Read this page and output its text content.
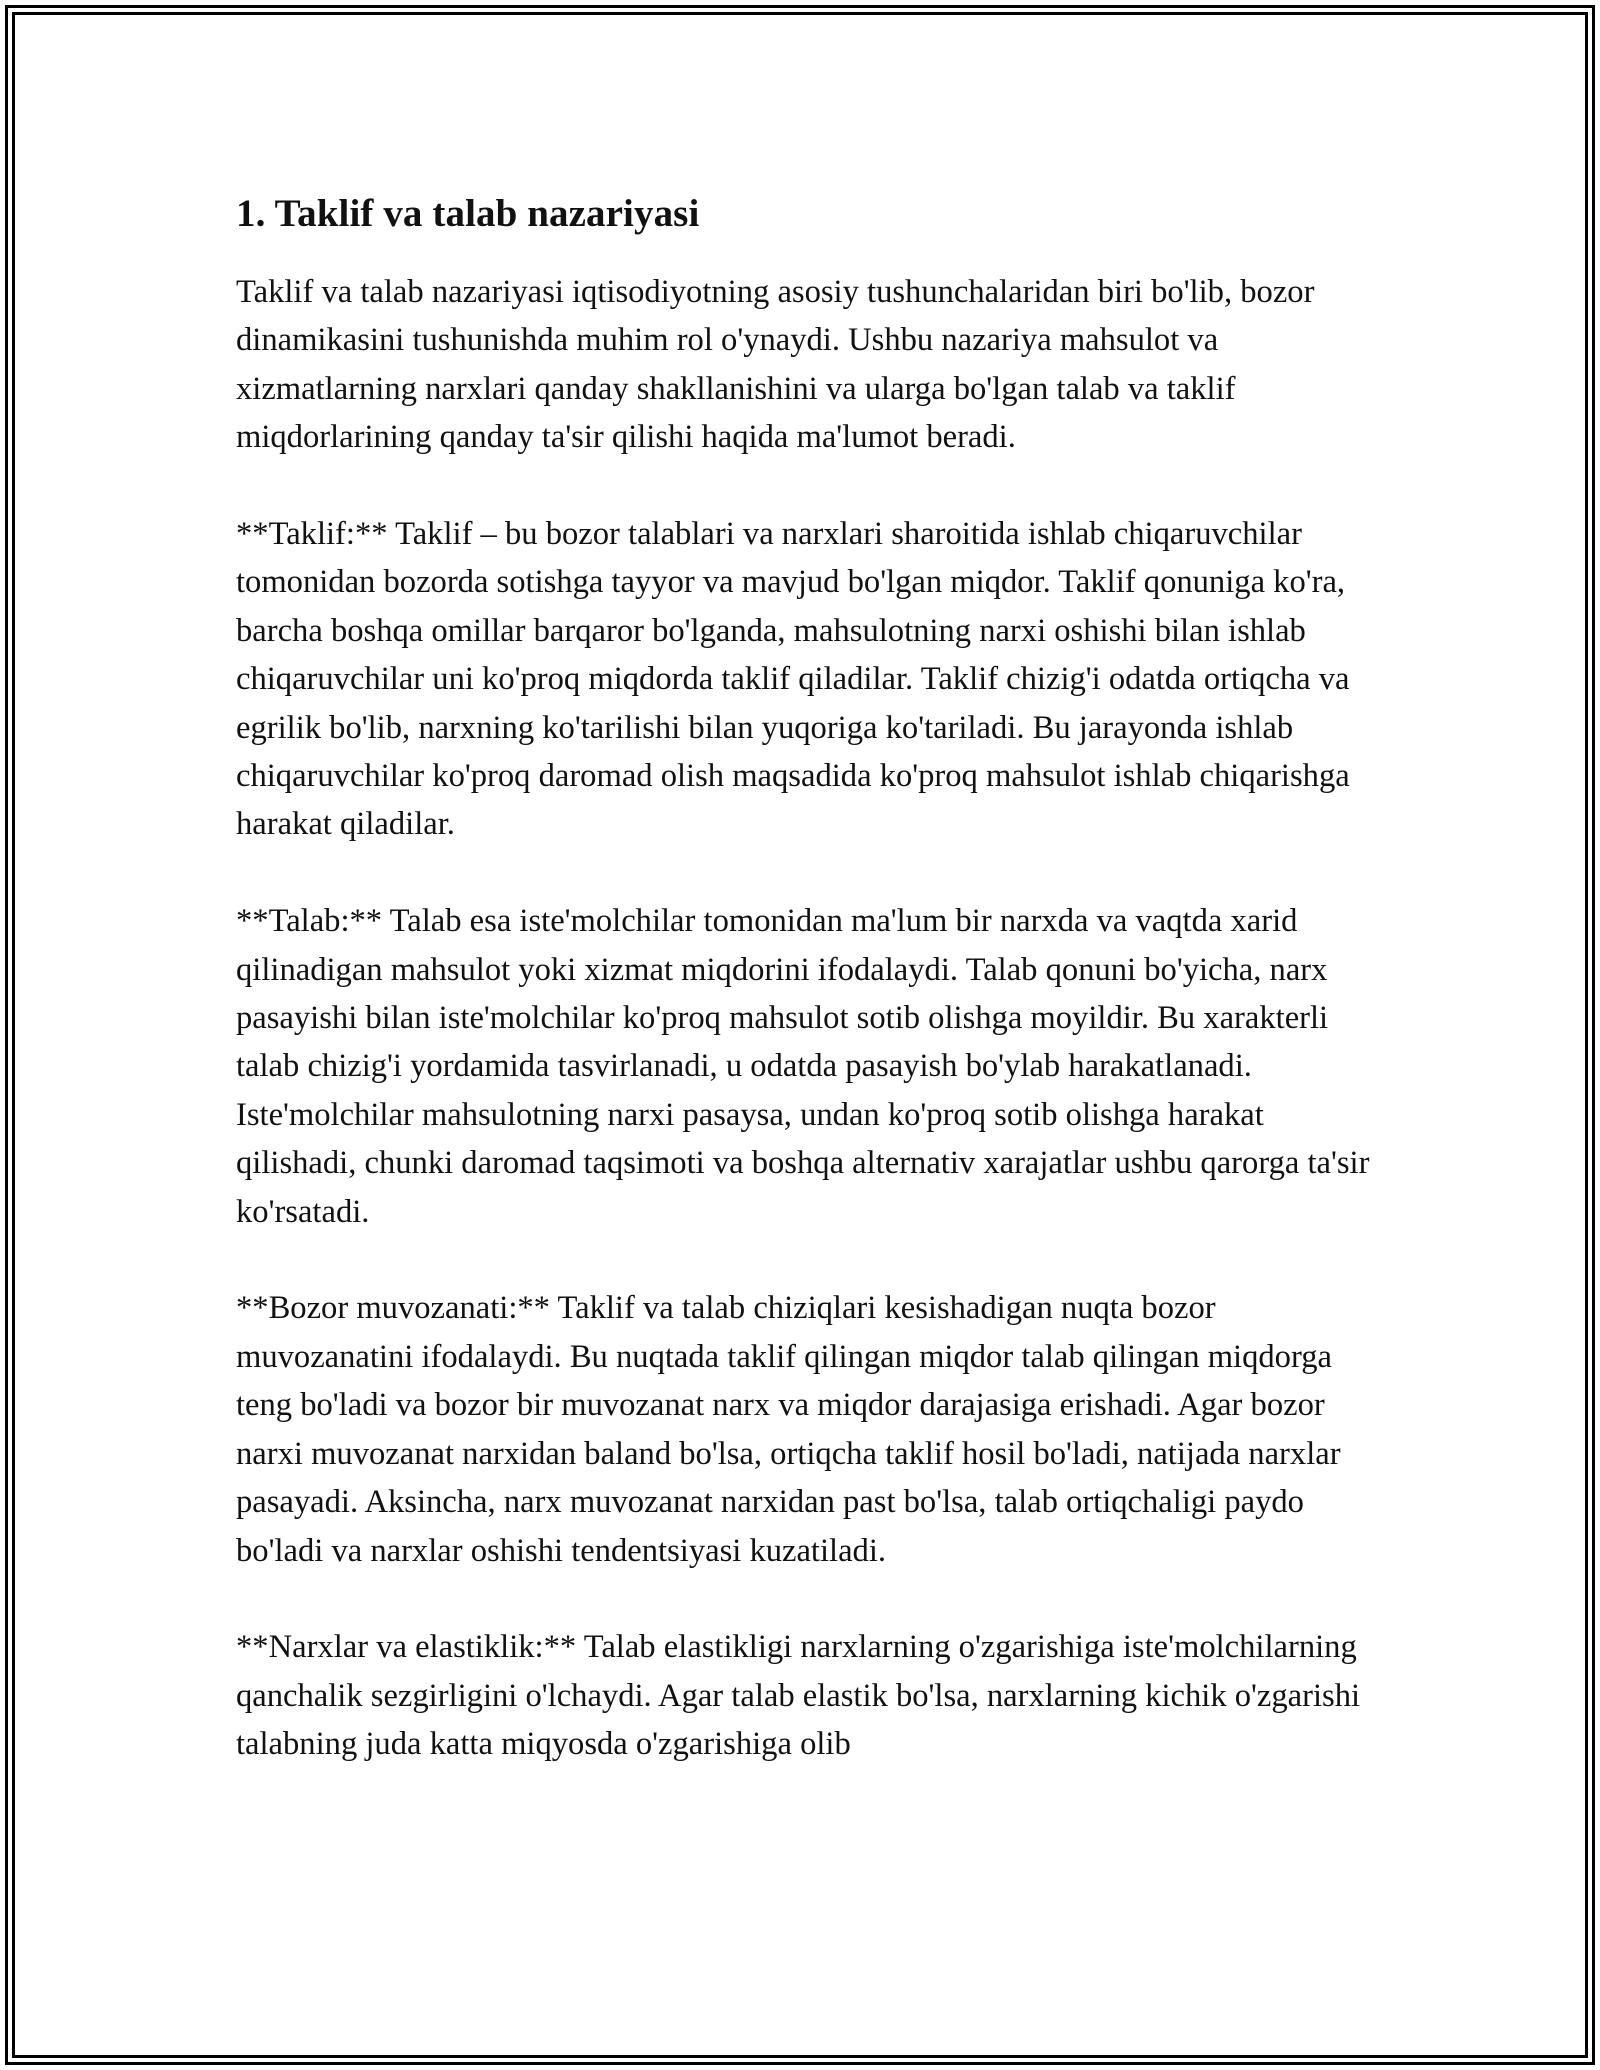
1. Taklif va talab nazariyasi

Taklif va talab nazariyasi iqtisodiyotning asosiy tushunchalaridan biri bo'lib, bozor dinamikasini tushunishda muhim rol o'ynaydi. Ushbu nazariya mahsulot va xizmatlarning narxlari qanday shakllanishini va ularga bo'lgan talab va taklif miqdorlarining qanday ta'sir qilishi haqida ma'lumot beradi.

**Taklif:** Taklif – bu bozor talablari va narxlari sharoitida ishlab chiqaruvchilar tomonidan bozorda sotishga tayyor va mavjud bo'lgan miqdor. Taklif qonuniga ko'ra, barcha boshqa omillar barqaror bo'lganda, mahsulotning narxi oshishi bilan ishlab chiqaruvchilar uni ko'proq miqdorda taklif qiladilar. Taklif chizig'i odatda ortiqcha va egrilik bo'lib, narxning ko'tarilishi bilan yuqoriga ko'tariladi. Bu jarayonda ishlab chiqaruvchilar ko'proq daromad olish maqsadida ko'proq mahsulot ishlab chiqarishga harakat qiladilar.

**Talab:** Talab esa iste'molchilar tomonidan ma'lum bir narxda va vaqtda xarid qilinadigan mahsulot yoki xizmat miqdorini ifodalaydi. Talab qonuni bo'yicha, narx pasayishi bilan iste'molchilar ko'proq mahsulot sotib olishga moyildir. Bu xarakterli talab chizig'i yordamida tasvirlanadi, u odatda pasayish bo'ylab harakatlanadi. Iste'molchilar mahsulotning narxi pasaysa, undan ko'proq sotib olishga harakat qilishadi, chunki daromad taqsimoti va boshqa alternativ xarajatlar ushbu qarorga ta'sir ko'rsatadi.

**Bozor muvozanati:** Taklif va talab chiziqlari kesishadigan nuqta bozor muvozanatini ifodalaydi. Bu nuqtada taklif qilingan miqdor talab qilingan miqdorga teng bo'ladi va bozor bir muvozanat narx va miqdor darajasiga erishadi. Agar bozor narxi muvozanat narxidan baland bo'lsa, ortiqcha taklif hosil bo'ladi, natijada narxlar pasayadi. Aksincha, narx muvozanat narxidan past bo'lsa, talab ortiqchaligi paydo bo'ladi va narxlar oshishi tendentsiyasi kuzatiladi.

**Narxlar va elastiklik:** Talab elastikligi narxlarning o'zgarishiga iste'molchilarning qanchalik sezgirligini o'lchaydi. Agar talab elastik bo'lsa, narxlarning kichik o'zgarishi talabning juda katta miqyosda o'zgarishiga olib
